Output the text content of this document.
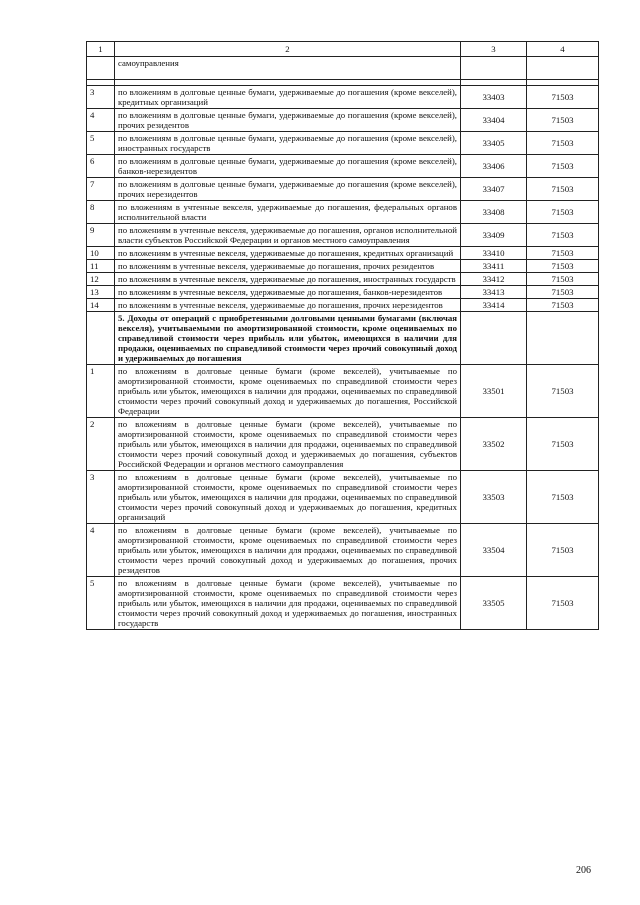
1	2	3	4
	самоуправления		

3	по вложениям в долговые ценные бумаги, удерживаемые до погашения (кроме векселей), кредитных организаций	33403	71503
4	по вложениям в долговые ценные бумаги, удерживаемые до погашения (кроме векселей), прочих резидентов	33404	71503
5	по вложениям в долговые ценные бумаги, удерживаемые до погашения (кроме векселей), иностранных государств	33405	71503
6	по вложениям в долговые ценные бумаги, удерживаемые до погашения (кроме векселей), банков-нерезидентов	33406	71503
7	по вложениям в долговые ценные бумаги, удерживаемые до погашения (кроме векселей), прочих нерезидентов	33407	71503
8	по вложениям в учтенные векселя, удерживаемые до погашения, федеральных органов исполнительной власти	33408	71503
9	по вложениям в учтенные векселя, удерживаемые до погашения, органов исполнительной власти субъектов Российской Федерации и органов местного самоуправления	33409	71503
10	по вложениям в учтенные векселя, удерживаемые до погашения, кредитных организаций	33410	71503
11	по вложениям в учтенные векселя, удерживаемые до погашения, прочих резидентов	33411	71503
12	по вложениям в учтенные векселя, удерживаемые до погашения, иностранных государств	33412	71503
13	по вложениям в учтенные векселя, удерживаемые до погашения, банков-нерезидентов	33413	71503
14	по вложениям в учтенные векселя, удерживаемые до погашения, прочих нерезидентов	33414	71503
	5. Доходы от операций с приобретенными долговыми ценными бумагами (включая векселя), учитываемыми по амортизированной стоимости, кроме оцениваемых по справедливой стоимости через прибыль или убыток, имеющихся в наличии для продажи, оцениваемых по справедливой стоимости через прочий совокупный доход и удерживаемых до погашения		
1	по вложениям в долговые ценные бумаги (кроме векселей), учитываемые по амортизированной стоимости, кроме оцениваемых по справедливой стоимости через прибыль или убыток, имеющихся в наличии для продажи, оцениваемых по справедливой стоимости через прочий совокупный доход и удерживаемых до погашения, Российской Федерации	33501	71503
2	по вложениям в долговые ценные бумаги (кроме векселей), учитываемые по амортизированной стоимости, кроме оцениваемых по справедливой стоимости через прибыль или убыток, имеющихся в наличии для продажи, оцениваемых по справедливой стоимости через прочий совокупный доход и удерживаемых до погашения, субъектов Российской Федерации и органов местного самоуправления	33502	71503
3	по вложениям в долговые ценные бумаги (кроме векселей), учитываемые по амортизированной стоимости, кроме оцениваемых по справедливой стоимости через прибыль или убыток, имеющихся в наличии для продажи, оцениваемых по справедливой стоимости через прочий совокупный доход и удерживаемых до погашения, кредитных организаций	33503	71503
4	по вложениям в долговые ценные бумаги (кроме векселей), учитываемые по амортизированной стоимости, кроме оцениваемых по справедливой стоимости через прибыль или убыток, имеющихся в наличии для продажи, оцениваемых по справедливой стоимости через прочий совокупный доход и удерживаемых до погашения, прочих резидентов	33504	71503
5	по вложениям в долговые ценные бумаги (кроме векселей), учитываемые по амортизированной стоимости, кроме оцениваемых по справедливой стоимости через прибыль или убыток, имеющихся в наличии для продажи, оцениваемых по справедливой стоимости через прочий совокупный доход и удерживаемых до погашения, иностранных государств	33505	71503
206
